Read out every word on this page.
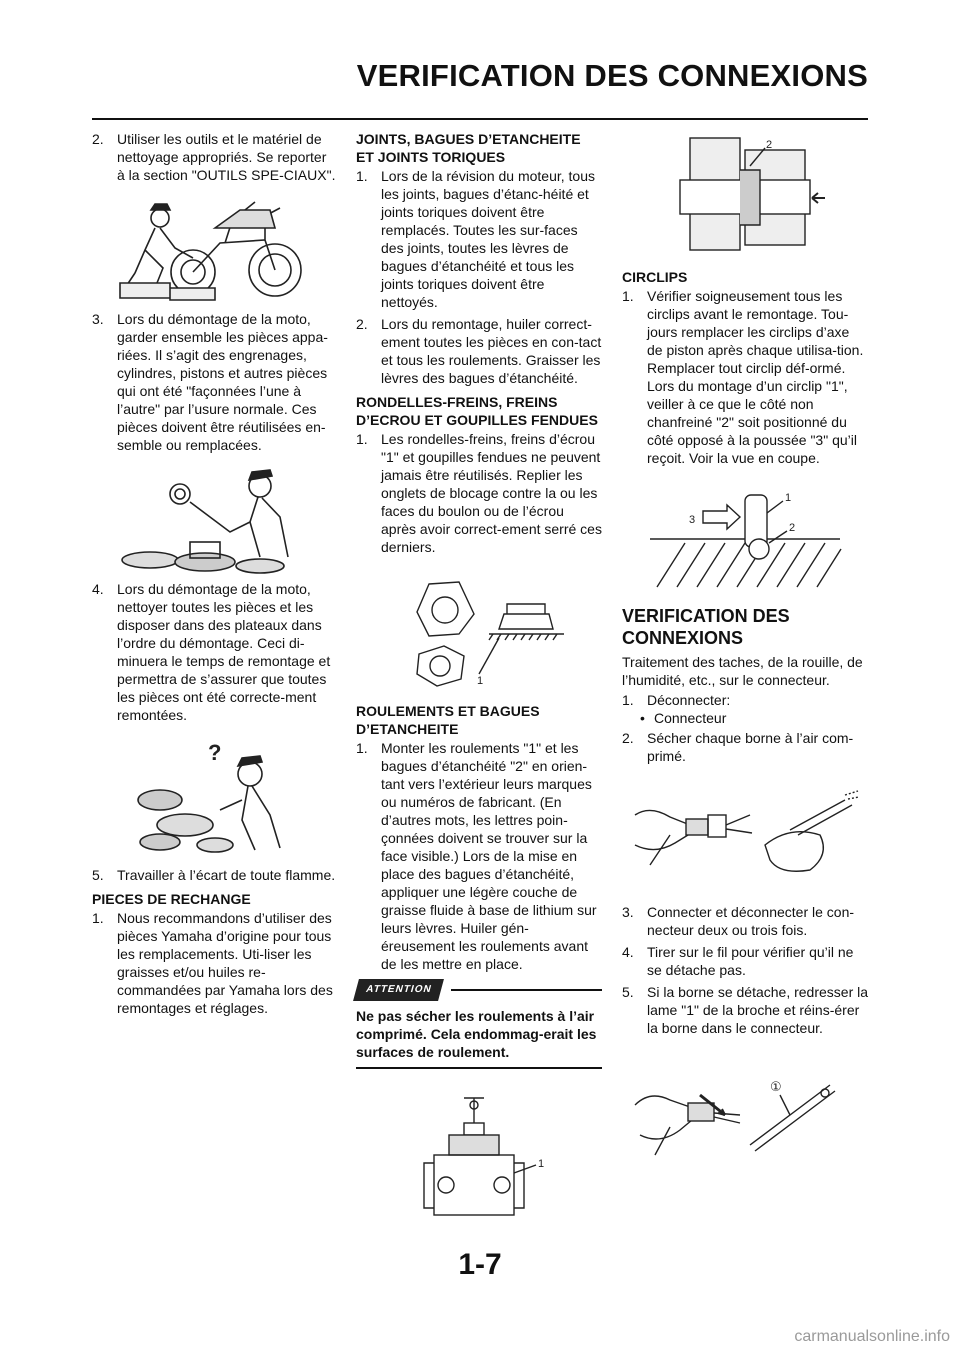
VERIFICATION DES CONNEXIONS
2. Utiliser les outils et le matériel de nettoyage appropriés. Se reporter à la section "OUTILS SPE-CIAUX".
3. Lors du démontage de la moto, garder ensemble les pièces appa-riées. Il s’agit des engrenages, cylindres, pistons et autres pièces qui ont été "façonnées l’une à l’autre" par l’usure normale. Ces pièces doivent être réutilisées en-semble ou remplacées.
4. Lors du démontage de la moto, nettoyer toutes les pièces et les disposer dans des plateaux dans l’ordre du démontage. Ceci di-minuera le temps de remontage et permettra de s’assurer que toutes les pièces ont été correcte-ment remontées.
?
5. Travailler à l’écart de toute flamme.
PIECES DE RECHANGE
1. Nous recommandons d’utiliser des pièces Yamaha d’origine pour tous les remplacements. Uti-liser les graisses et/ou huiles re-commandées par Yamaha lors des remontages et réglages.
JOINTS, BAGUES D’ETANCHEITE ET JOINTS TORIQUES
1. Lors de la révision du moteur, tous les joints, bagues d’étanc-héité et joints toriques doivent être remplacés. Toutes les sur-faces des joints, toutes les lèvres de bagues d’étanchéité et tous les joints toriques doivent être nettoyés.
2. Lors du remontage, huiler correct-ement toutes les pièces en con-tact et tous les roulements. Graisser les lèvres des bagues d’étanchéité.
RONDELLES-FREINS, FREINS D’ECROU ET GOUPILLES FENDUES
1. Les rondelles-freins, freins d’écrou "1" et goupilles fendues ne peuvent jamais être réutilisés. Replier les onglets de blocage contre la ou les faces du boulon ou de l’écrou après avoir correct-ement serré ces derniers.
1
ROULEMENTS ET BAGUES D’ETANCHEITE
1. Monter les roulements "1" et les bagues d’étanchéité "2" en orien-tant vers l’extérieur leurs marques ou numéros de fabricant. (En d’autres mots, les lettres poin-çonnées doivent se trouver sur la face visible.) Lors de la mise en place des bagues d’étanchéité, appliquer une légère couche de graisse fluide à base de lithium sur leurs lèvres. Huiler gén-éreusement les roulements avant de les mettre en place.
ATTENTION
Ne pas sécher les roulements à l’air comprimé. Cela endommag-erait les surfaces de roulement.
1
2
CIRCLIPS
1. Vérifier soigneusement tous les circlips avant le remontage. Tou-jours remplacer les circlips d’axe de piston après chaque utilisa-tion. Remplacer tout circlip déf-ormé. Lors du montage d’un circlip "1", veiller à ce que le côté non chanfreiné "2" soit positionné du côté opposé à la poussée "3" qu’il reçoit. Voir la vue en coupe.
1
2
3
VERIFICATION DES CONNEXIONS
Traitement des taches, de la rouille, de l’humidité, etc., sur le connecteur.
1. Déconnecter:
• Connecteur
2. Sécher chaque borne à l’air com-primé.
3. Connecter et déconnecter le con-necteur deux ou trois fois.
4. Tirer sur le fil pour vérifier qu’il ne se détache pas.
5. Si la borne se détache, redresser la lame "1" de la broche et réins-érer la borne dans le connecteur.
①
1-7
carmanualsonline.info
